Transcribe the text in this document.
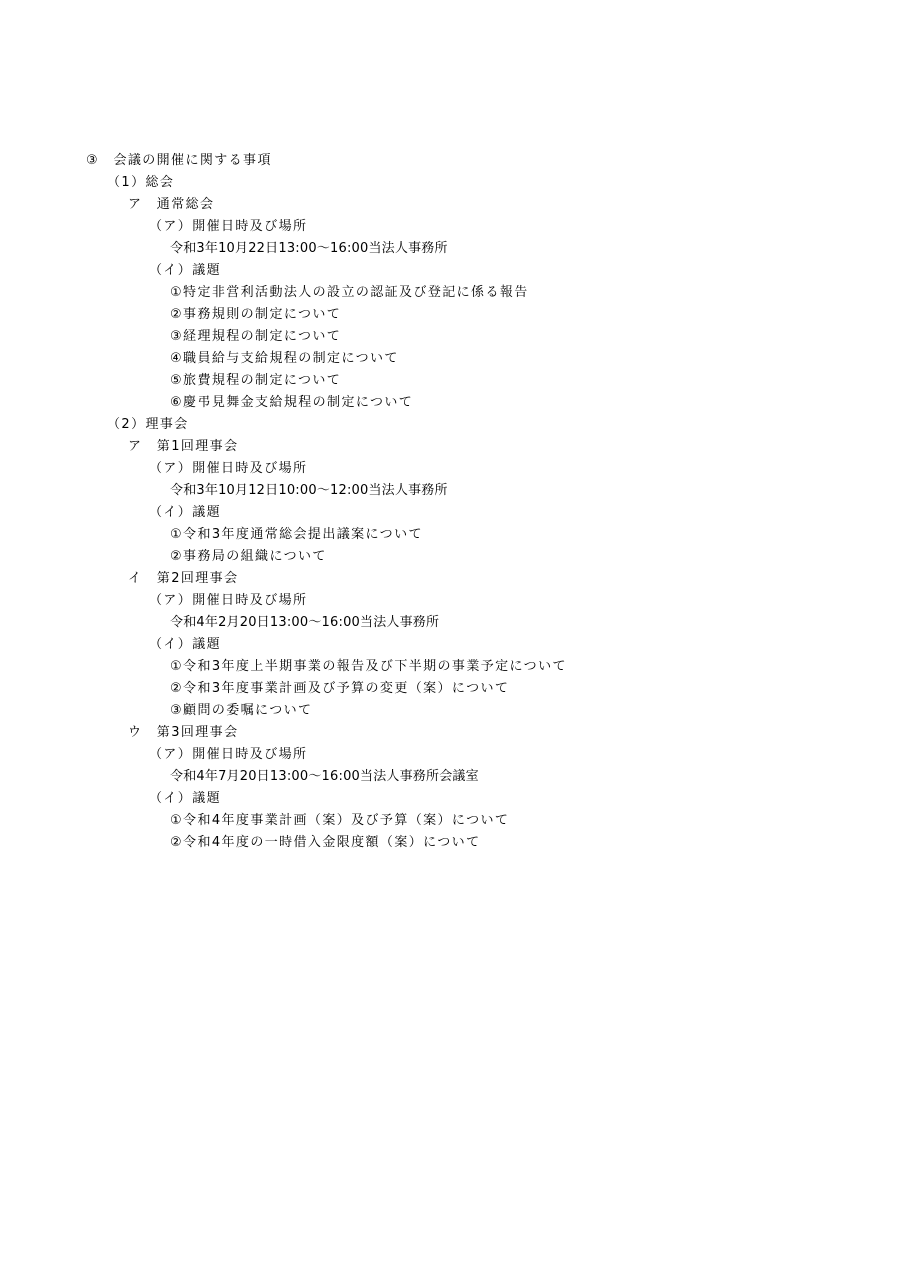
③　会議の開催に関する事項
（1）総会
ア　通常総会
（ア）開催日時及び場所
令和3年10月22日13:00～16:00当法人事務所
（イ）議題
①特定非営利活動法人の設立の認証及び登記に係る報告
②事務規則の制定について
③経理規程の制定について
④職員給与支給規程の制定について
⑤旅費規程の制定について
⑥慶弔見舞金支給規程の制定について
（2）理事会
ア　第1回理事会
（ア）開催日時及び場所
令和3年10月12日10:00～12:00当法人事務所
（イ）議題
①令和3年度通常総会提出議案について
②事務局の組織について
イ　第2回理事会
（ア）開催日時及び場所
令和4年2月20日13:00～16:00当法人事務所
（イ）議題
①令和3年度上半期事業の報告及び下半期の事業予定について
②令和3年度事業計画及び予算の変更（案）について
③顧問の委嘱について
ウ　第3回理事会
（ア）開催日時及び場所
令和4年7月20日13:00～16:00当法人事務所会議室
（イ）議題
①令和4年度事業計画（案）及び予算（案）について
②令和4年度の一時借入金限度額（案）について
